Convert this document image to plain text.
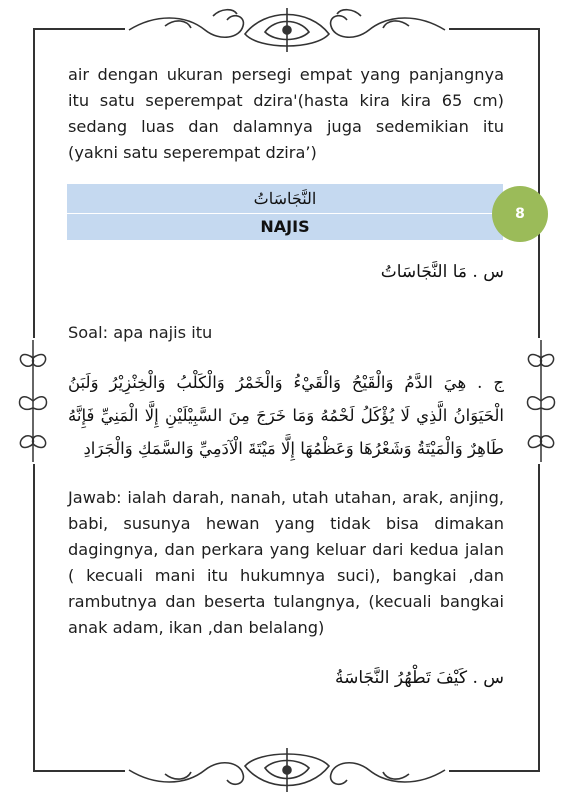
air dengan ukuran persegi empat yang panjangnya itu satu seperempat dzira'(hasta kira kira 65 cm) sedang luas dan dalamnya juga sedemikian itu (yakni satu seperempat dzira’)
النَّجَاسَاتُ
NAJIS
8
س . مَا النَّجَاسَاتُ
Soal: apa najis itu
ج . هِيَ الدَّمُ وَالْقَيْحُ وَالْقَيْءُ وَالْخَمْرُ وَالْكَلْبُ وَالْخِنْزِيْرُ وَلَبَنُ الْحَيَوَانُ الَّذِي لَا يُؤْكَلُ لَحْمُهُ وَمَا خَرَجَ مِنَ السَّبِيْلَيْنِ إِلَّا الْمَنِيِّ فَإِنَّهُ طَاهِرٌ وَالْمَيْتَةُ وَشَعْرُهَا وَعَظْمُهَا إِلَّا مَيْتَةَ الْآدَمِيِّ وَالسَّمَكِ وَالْجَرَادِ
Jawab: ialah darah, nanah, utah utahan, arak, anjing, babi, susunya hewan yang tidak bisa dimakan dagingnya, dan perkara yang keluar dari kedua jalan ( kecuali mani itu hukumnya suci), bangkai ,dan rambutnya dan beserta tulangnya, (kecuali bangkai anak adam, ikan ,dan belalang)
س . كَيْفَ تَطْهُرُ النَّجَاسَةُ
